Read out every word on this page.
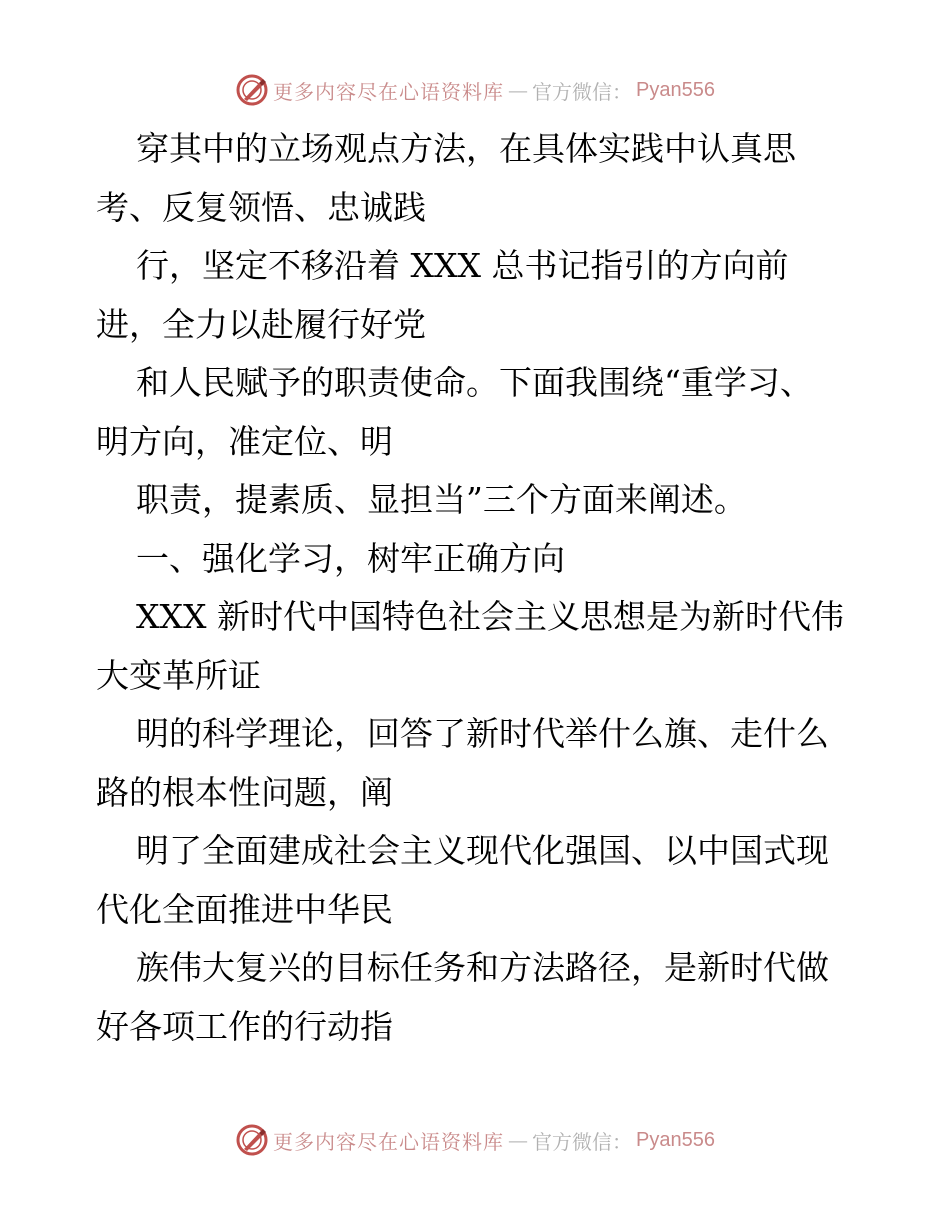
更多内容尽在心语资料库 — 官方微信： Pyan556
穿其中的立场观点方法，在具体实践中认真思
考、反复领悟、忠诚践
行，坚定不移沿着 XXX 总书记指引的方向前
进，全力以赴履行好党
和人民赋予的职责使命。下面我围绕“重学习、
明方向，准定位、明
职责，提素质、显担当”三个方面来阐述。
一、强化学习，树牢正确方向
XXX 新时代中国特色社会主义思想是为新时代伟
大变革所证
明的科学理论，回答了新时代举什么旗、走什么
路的根本性问题，阐
明了全面建成社会主义现代化强国、以中国式现
代化全面推进中华民
族伟大复兴的目标任务和方法路径，是新时代做
好各项工作的行动指
更多内容尽在心语资料库 — 官方微信： Pyan556
